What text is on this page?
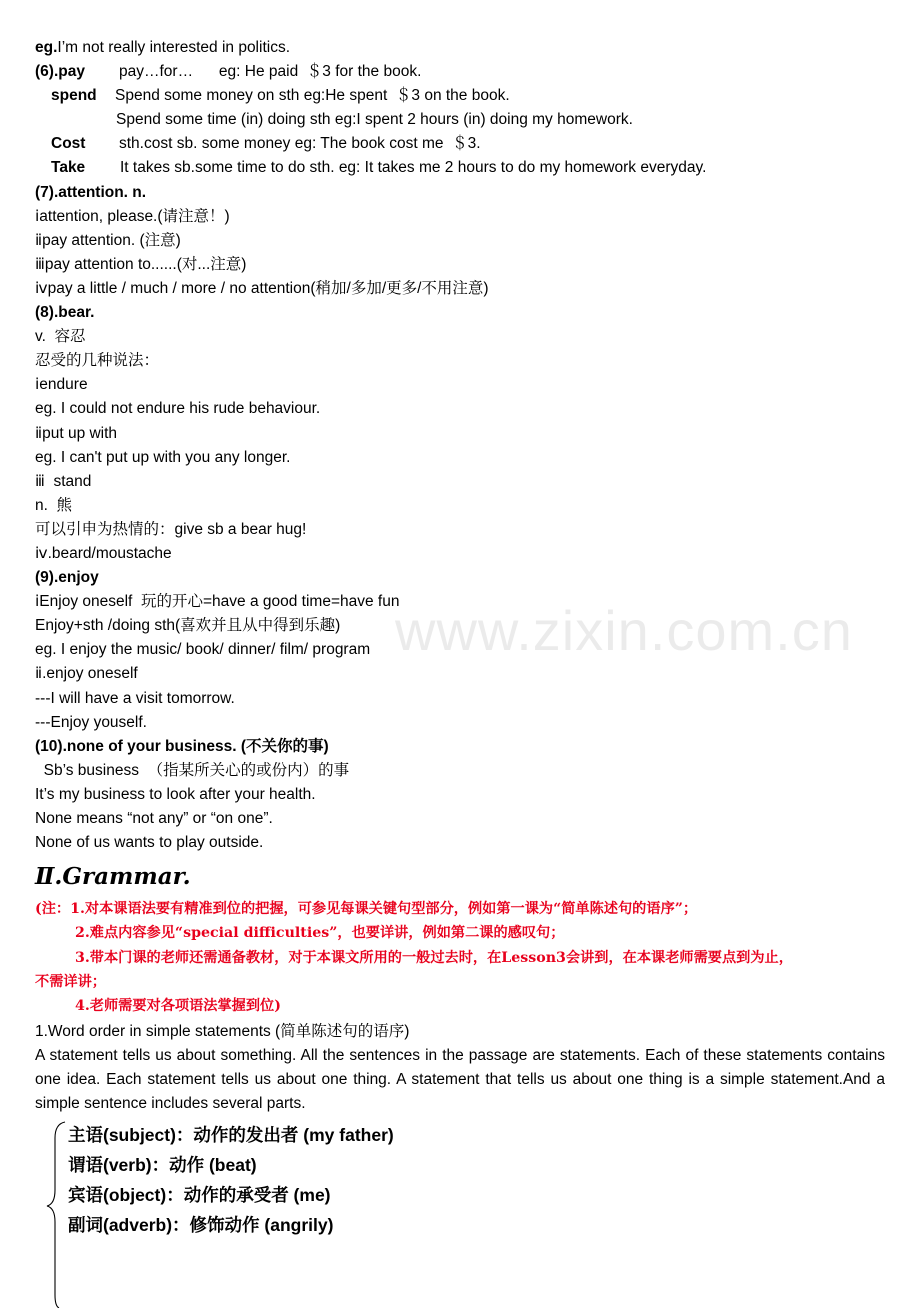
www.zixin.com.cn
eg.I’m not really interested in politics.
(6).pay pay…for…      eg: He paid  ＄3 for the book.
spend Spend some money on sth eg:He spent  ＄3 on the book.
Spend some time (in) doing sth eg:I spent 2 hours (in) doing my homework.
Cost sth.cost sb. some money eg: The book cost me  ＄3.
Take It takes sb.some time to do sth. eg: It takes me 2 hours to do my homework everyday.
(7).attention. n.
ⅰattention, please.(请注意！)
ⅱpay attention. (注意)
ⅲpay attention to......(对...注意)
ⅳpay a little / much / more / no attention(稍加/多加/更多/不用注意)
(8).bear.
v.  容忍
忍受的几种说法：
ⅰendure
eg. I could not endure his rude behaviour.
ⅱput up with
eg. I can't put up with you any longer.
ⅲ  stand
n.  熊
可以引申为热情的：give sb a bear hug!
ⅳ.beard/moustache
(9).enjoy
ⅰEnjoy oneself  玩的开心=have a good time=have fun
Enjoy+sth /doing sth(喜欢并且从中得到乐趣)
eg. I enjoy the music/ book/ dinner/ film/ program
ⅱ.enjoy oneself
---I will have a visit tomorrow.
---Enjoy youself.
(10).none of your business. (不关你的事)
Sb’s business  （指某所关心的或份内）的事
It’s my business to look after your health.
None means “not any” or “on one”.
None of us wants to play outside.
Ⅱ.Grammar.
(注：1.对本课语法要有精准到位的把握，可参见每课关键句型部分，例如第一课为“简单陈述句的语序”；
2.难点内容参见“special difficulties”，也要详讲，例如第二课的感叹句；
3.带本门课的老师还需通备教材，对于本课文所用的一般过去时，在Lesson3会讲到，在本课老师需要点到为止，
不需详讲；
4.老师需要对各项语法掌握到位)
1.Word order in simple statements (简单陈述句的语序)
A statement tells us about something. All the sentences in the passage are statements. Each of these statements contains one idea. Each statement tells us about one thing. A statement that tells us about one thing is a simple statement.And a simple sentence includes several parts.
主语(subject)：动作的发出者 (my father)
谓语(verb)：动作 (beat)
宾语(object)：动作的承受者 (me)
副词(adverb)：修饰动作 (angrily)
